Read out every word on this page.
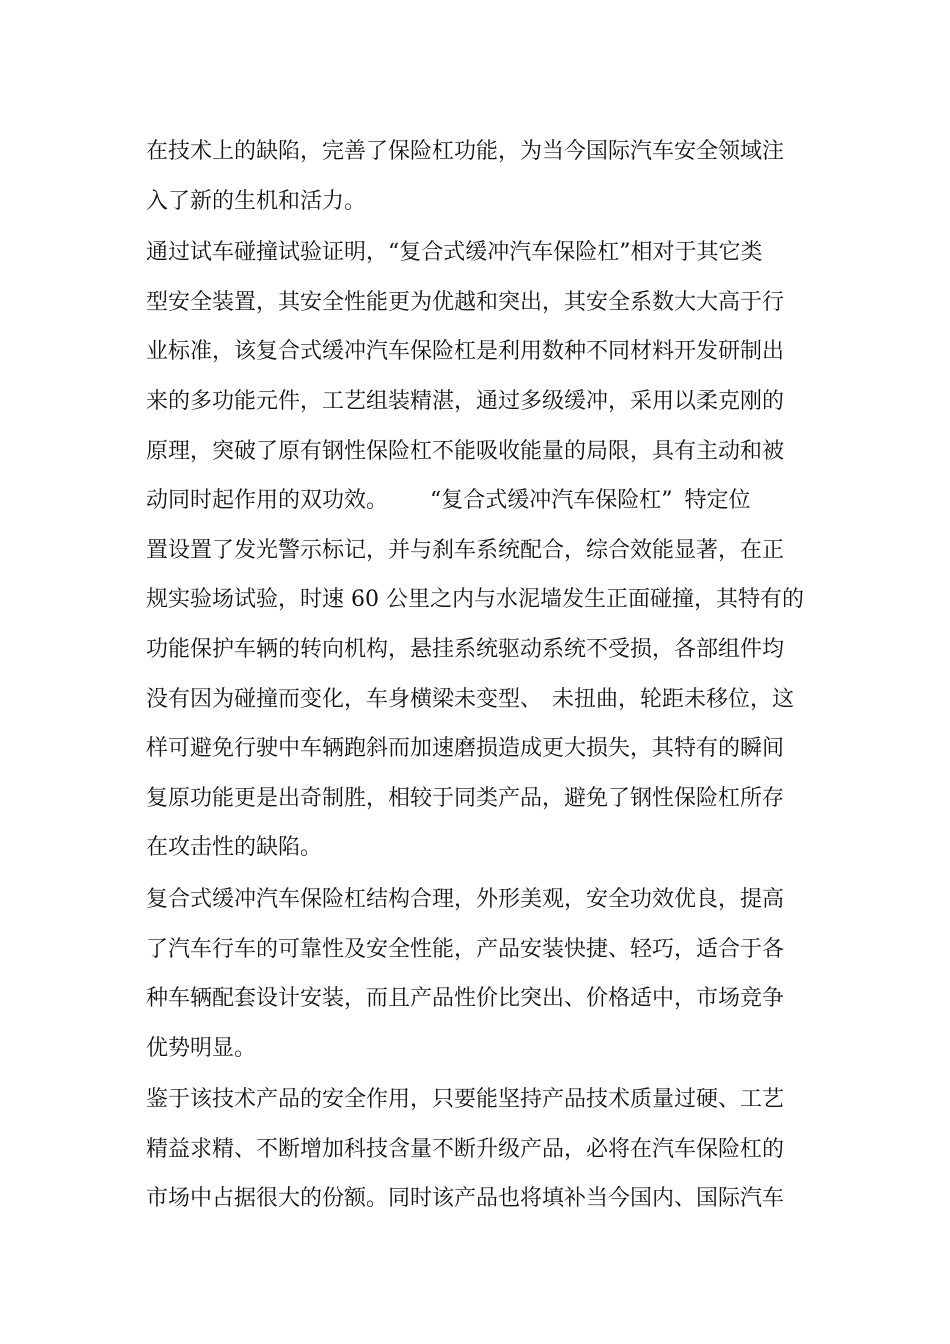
在技术上的缺陷，完善了保险杠功能，为当今国际汽车安全领域注
入了新的生机和活力。
通过试车碰撞试验证明，“复合式缓冲汽车保险杠”相对于其它类
型安全装置，其安全性能更为优越和突出，其安全系数大大高于行
业标准，该复合式缓冲汽车保险杠是利用数种不同材料开发研制出
来的多功能元件，工艺组装精湛，通过多级缓冲，采用以柔克刚的
原理，突破了原有钢性保险杠不能吸收能量的局限，具有主动和被
动同时起作用的双功效。 “复合式缓冲汽车保险杠” 特定位
置设置了发光警示标记，并与刹车系统配合，综合效能显著，在正
规实验场试验，时速 60 公里之内与水泥墙发生正面碰撞，其特有的
功能保护车辆的转向机构，悬挂系统驱动系统不受损，各部组件均
没有因为碰撞而变化，车身横梁未变型、 未扭曲，轮距未移位，这
样可避免行驶中车辆跑斜而加速磨损造成更大损失，其特有的瞬间
复原功能更是出奇制胜，相较于同类产品，避免了钢性保险杠所存
在攻击性的缺陷。
复合式缓冲汽车保险杠结构合理，外形美观，安全功效优良，提高
了汽车行车的可靠性及安全性能，产品安装快捷、轻巧，适合于各
种车辆配套设计安装，而且产品性价比突出、价格适中，市场竞争
优势明显。
鉴于该技术产品的安全作用，只要能坚持产品技术质量过硬、工艺
精益求精、不断增加科技含量不断升级产品，必将在汽车保险杠的
市场中占据很大的份额。同时该产品也将填补当今国内、国际汽车
